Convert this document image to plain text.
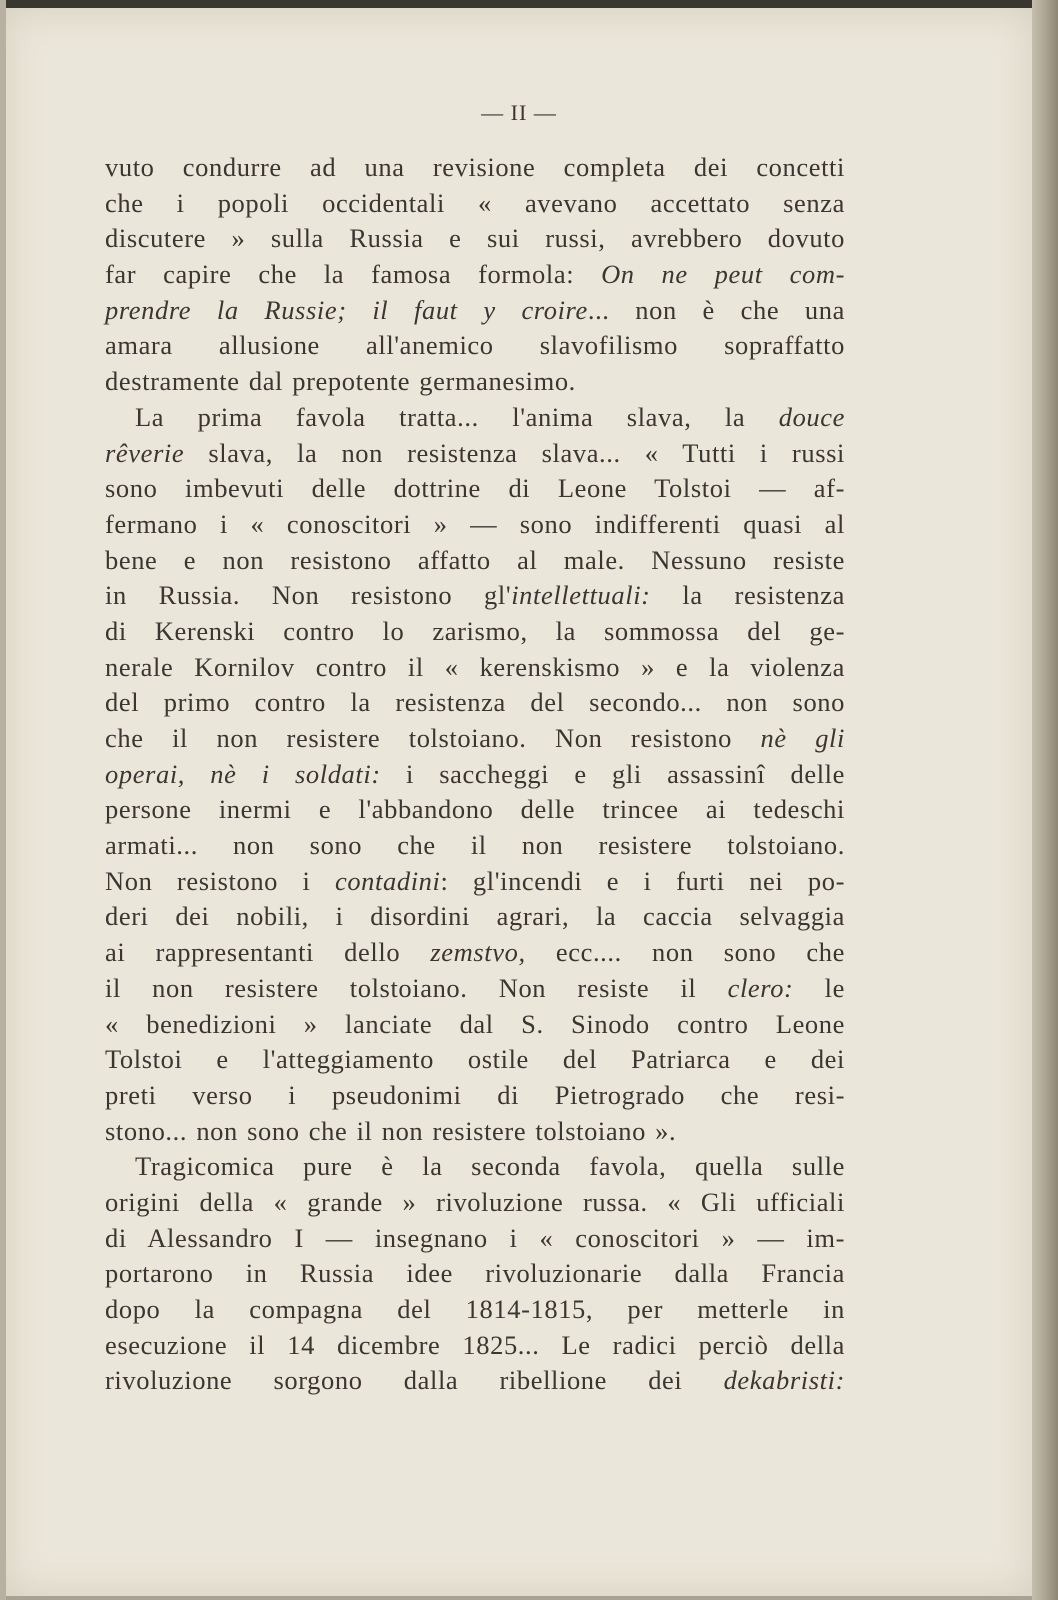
— II —
vuto condurre ad una revisione completa dei concetti
che i popoli occidentali « avevano accettato senza
discutere » sulla Russia e sui russi, avrebbero dovuto
far capire che la famosa formola: On ne peut com-
prendre la Russie; il faut y croire... non è che una
amara allusione all'anemico slavofilismo sopraffatto
destramente dal prepotente germanesimo.
La prima favola tratta... l'anima slava, la douce
rêverie slava, la non resistenza slava... « Tutti i russi
sono imbevuti delle dottrine di Leone Tolstoi — af-
fermano i « conoscitori » — sono indifferenti quasi al
bene e non resistono affatto al male. Nessuno resiste
in Russia. Non resistono gl'intellettuali: la resistenza
di Kerenski contro lo zarismo, la sommossa del ge-
nerale Kornilov contro il « kerenskismo » e la violenza
del primo contro la resistenza del secondo... non sono
che il non resistere tolstoiano. Non resistono nè gli
operai, nè i soldati: i saccheggi e gli assassinî delle
persone inermi e l'abbandono delle trincee ai tedeschi
armati... non sono che il non resistere tolstoiano.
Non resistono i contadini: gl'incendi e i furti nei po-
deri dei nobili, i disordini agrari, la caccia selvaggia
ai rappresentanti dello zemstvo, ecc.... non sono che
il non resistere tolstoiano. Non resiste il clero: le
« benedizioni » lanciate dal S. Sinodo contro Leone
Tolstoi e l'atteggiamento ostile del Patriarca e dei
preti verso i pseudonimi di Pietrogrado che resi-
stono... non sono che il non resistere tolstoiano ».
Tragicomica pure è la seconda favola, quella sulle
origini della « grande » rivoluzione russa. « Gli ufficiali
di Alessandro I — insegnano i « conoscitori » — im-
portarono in Russia idee rivoluzionarie dalla Francia
dopo la compagna del 1814-1815, per metterle in
esecuzione il 14 dicembre 1825... Le radici perciò della
rivoluzione sorgono dalla ribellione dei dekabristi:
